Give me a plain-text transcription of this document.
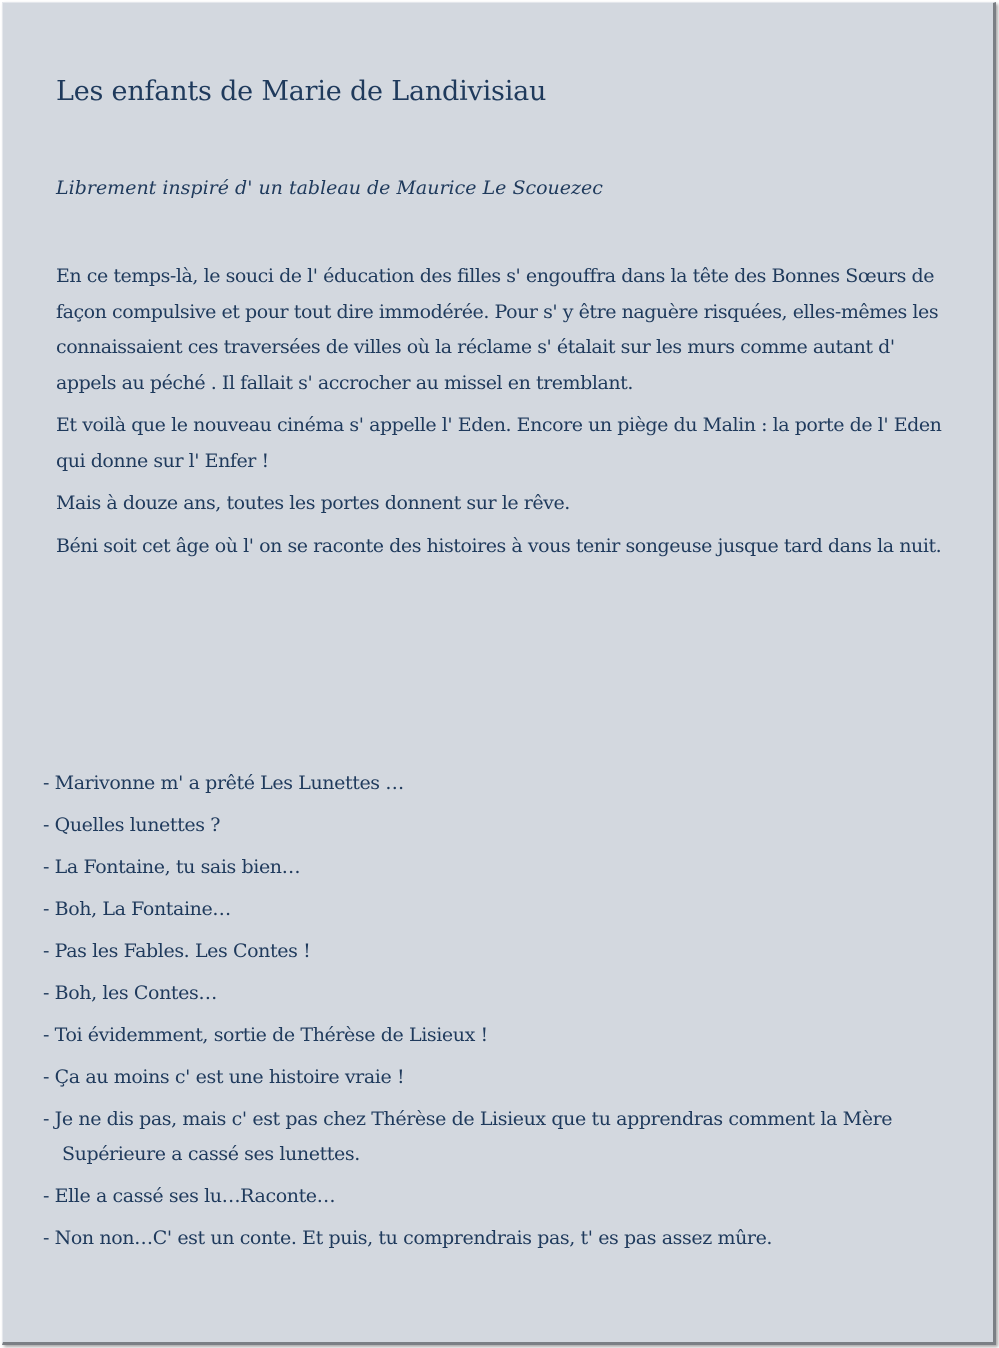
Les enfants de Marie de Landivisiau
Librement inspiré d' un tableau de Maurice Le Scouezec

En ce temps-là, le souci de l' éducation des filles s' engouffra dans la tête des Bonnes Sœurs de façon compulsive et pour tout dire immodérée. Pour s' y être naguère risquées, elles-mêmes les connaissaient ces traversées de villes où la réclame s' étalait sur les murs comme autant d' appels au péché . Il fallait s' accrocher au missel en tremblant.

Et voilà que le nouveau cinéma s' appelle l' Eden. Encore un piège du Malin : la porte de l' Eden qui donne sur l' Enfer !

Mais à douze ans, toutes les portes donnent sur le rêve.

Béni soit cet âge où l' on se raconte des histoires à vous tenir songeuse jusque tard dans la nuit.

- Marivonne m' a prêté Les Lunettes …
- Quelles lunettes ?
- La Fontaine, tu sais bien…
- Boh, La Fontaine…
- Pas les Fables. Les Contes !
- Boh, les Contes…
- Toi évidemment, sortie de Thérèse de Lisieux !
- Ça au moins c' est une histoire vraie !
- Je ne dis pas, mais c' est pas chez Thérèse de Lisieux que tu apprendras comment la Mère Supérieure a cassé ses lunettes.
- Elle a cassé ses lu…Raconte…
- Non non…C' est un conte. Et puis, tu comprendrais pas, t' es pas assez mûre.
